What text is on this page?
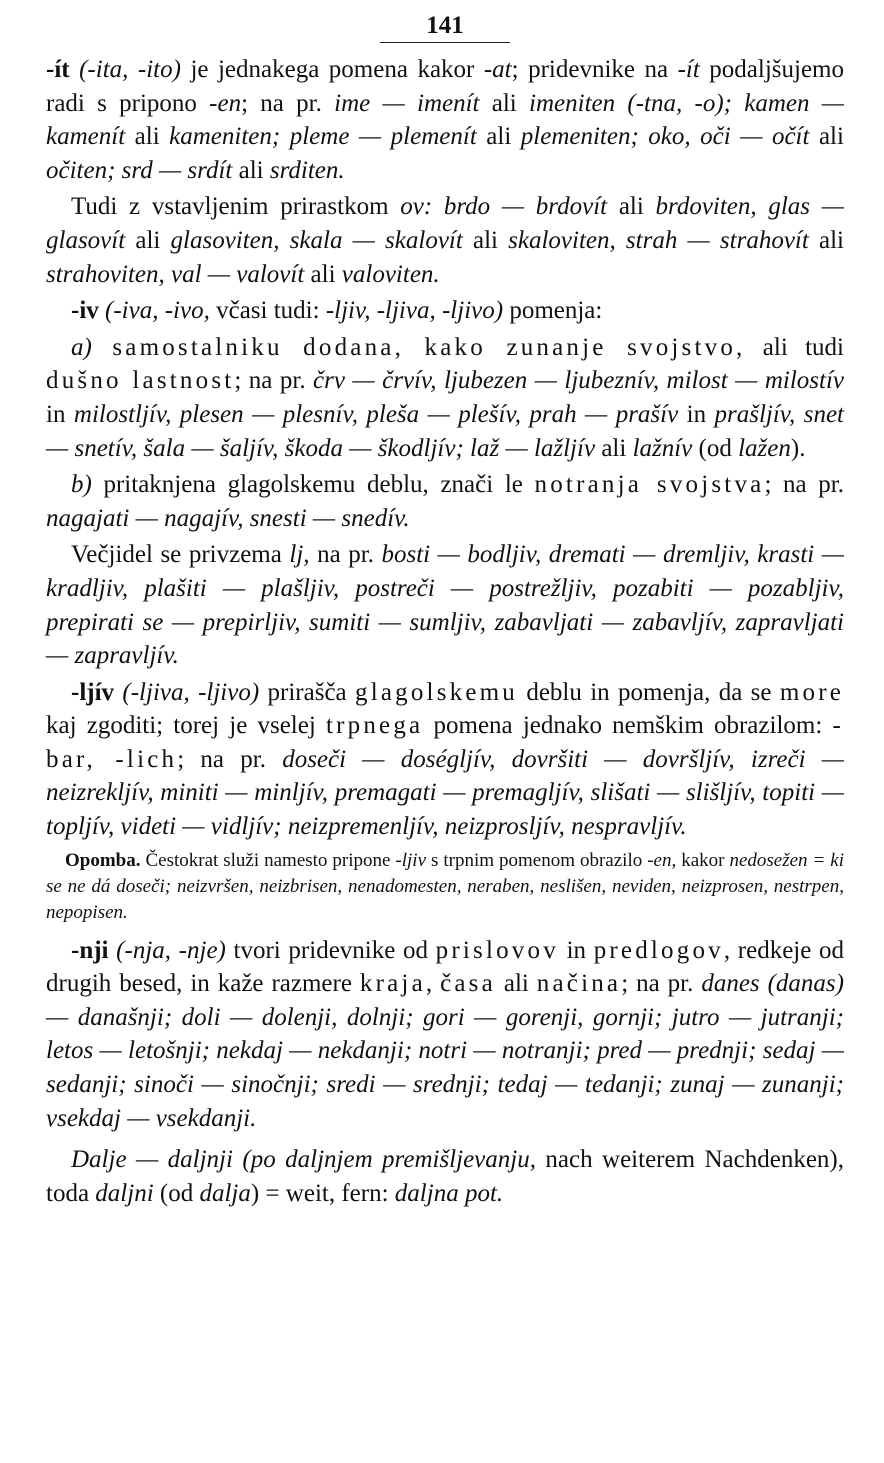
141

-ít (-ita, -ito) je jednakega pomena kakor -at; pridevnike na -ít podaljšujemo radi s pripono -en; na pr. ime — imenít ali imeniten (-tna, -o); kamen — kamenít ali kameniten; pleme — plemenít ali plemeniten; oko, oči — očít ali očiten; srd — srdít ali srditen.

 Tudi z vstavljenim prirastkom ov: brdo — brdovít ali brdoviten, glas — glasovít ali glasoviten, skala — skalovít ali skaloviten, strah — strahovít ali strahoviten, val — valovít ali valoviten.

 -iv (-iva, -ivo, včasi tudi: -ljiv, -ljiva, -ljivo) pomenja:

 a) samostalniku dodana, kako zunanje svojstvo, ali tudi dušno lastnost; na pr. črv — črvív, ljubezen — ljubeznív, milost — milostív in milostljív, plesen — plesnív, pleša — plešív, prah — prašív in prašljív, snet — snetív, šala — šaljív, škoda — škodljív; laž — lažljív ali lažnív (od lažen).

 b) pritaknjena glagolskemu deblu, znači le notranja svojstva; na pr. nagajati — nagajív, snesti — snedív.

 Večjidel se privzema lj, na pr. bosti — bodljiv, dremati — dremljiv, krasti — kradljiv, plašiti — plašljiv, postreči — postrežljiv, pozabiti — pozabljiv, prepirati se — prepirljiv, sumiti — sumljiv, zabavljati — zabavljív, zapravljati — zapravljív.

 -ljív (-ljiva, -ljivo) priraščа glagolskemu deblu in pomenja, da se more kaj zgoditi; torej je vselej trpnega pomena jednako nemškim obrazilom: -bar, -lich; na pr. doseči — doségljív, dovršiti — dovršljív, izreči — neizrekljív, miniti — minljív, premagati — premagljív, slišati — slišljív, topiti — topljív, videti — vidljív; neizpremenljív, neizproslјív, nespravljív.

 Opomba. Čestokrat služi namesto pripone -ljiv s trpnim pomenom obrazilo -en, kakor nedosežen = ki se ne dá doseči; neizvršen, neizbrisen, nenadomesten, neraben, neslišen, neviden, neizprosen, nestrpen, nepopisen.

 -nji (-nja, -nje) tvori pridevnike od prislovov in predlogov, redkeje od drugih besed, in kaže razmere kraja, časa ali načina; na pr. danes (danas) — današnji; doli — dolenji, dolnji; gori — gorenji, gornji; jutro — jutranji; letos — letošnji; nekdaj — nekdanji; notri — notranji; pred — prednji; sedaj — sedanji; sinoči — sinočnji; sredi — srednji; tedaj — tedanji; zunaj — zunanji; vsekdaj — vsekdanji.

 Dalje — daljnji (po daljnjem premišljevanju, nach weiterem Nachdenken), toda daljni (od dalja) = weit, fern: daljna pot.
